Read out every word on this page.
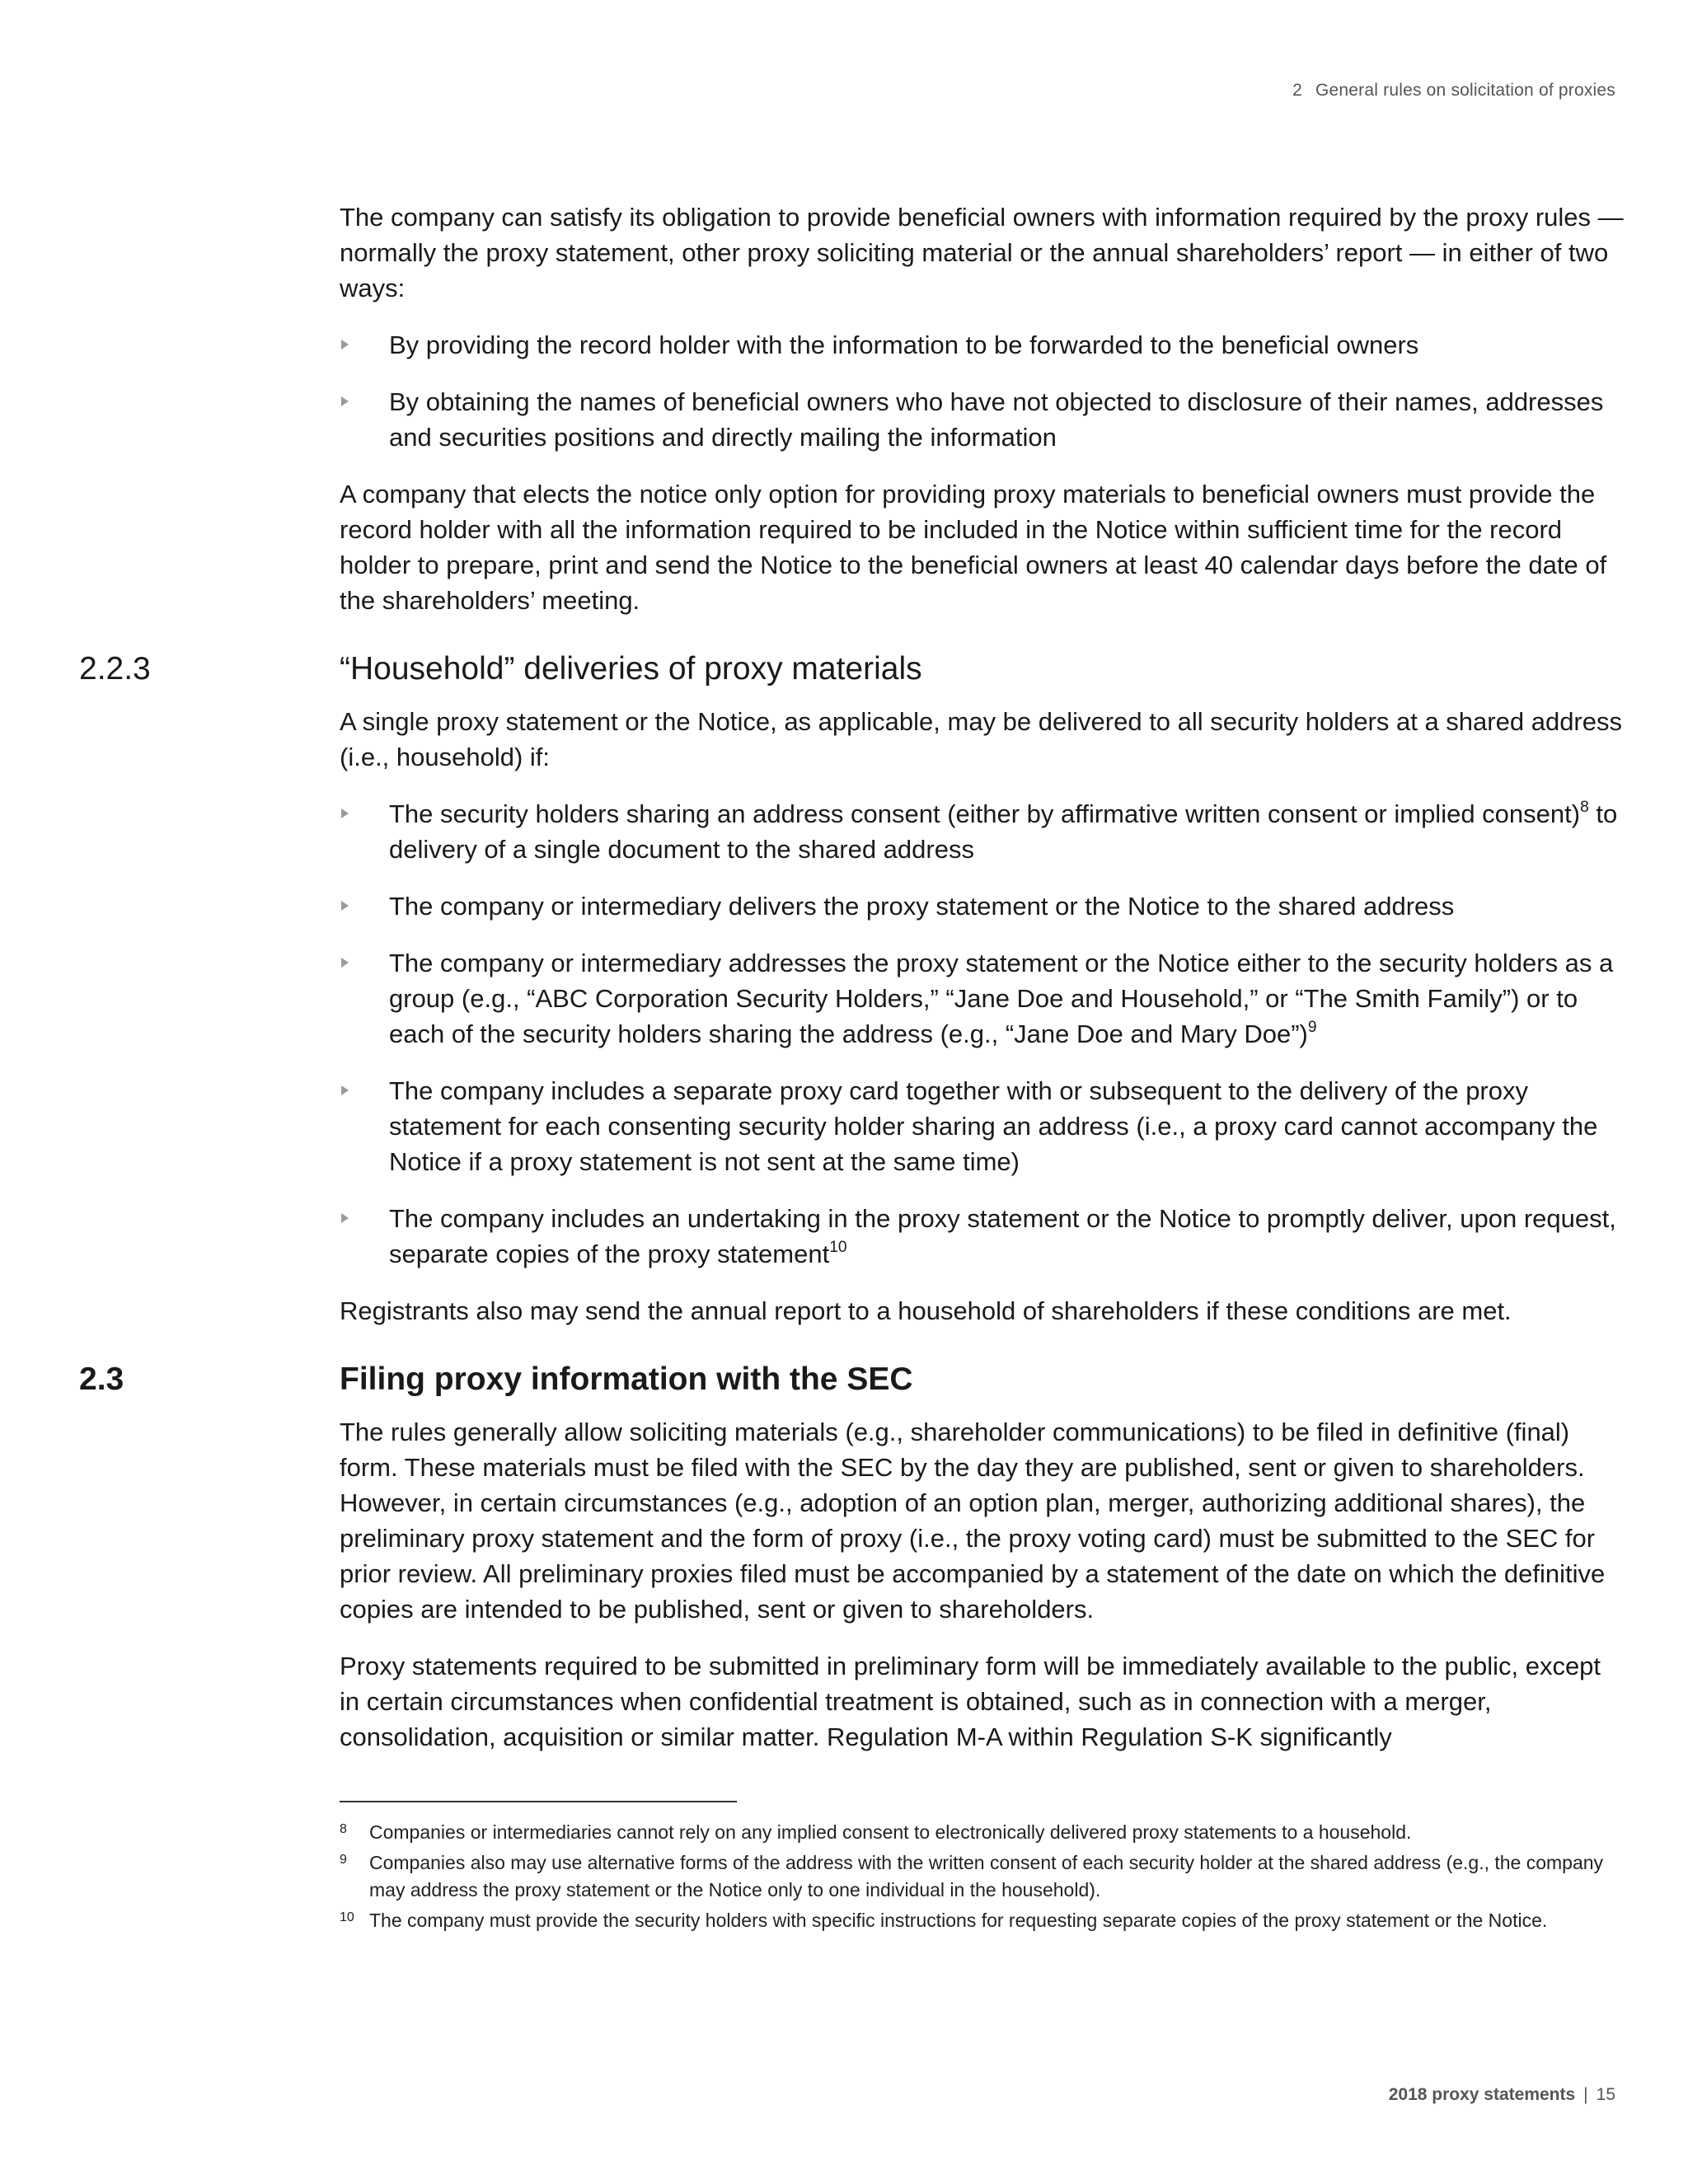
2 General rules on solicitation of proxies

The company can satisfy its obligation to provide beneficial owners with information required by the proxy rules — normally the proxy statement, other proxy soliciting material or the annual shareholders’ report — in either of two ways:

By providing the record holder with the information to be forwarded to the beneficial owners
By obtaining the names of beneficial owners who have not objected to disclosure of their names, addresses and securities positions and directly mailing the information

A company that elects the notice only option for providing proxy materials to beneficial owners must provide the record holder with all the information required to be included in the Notice within sufficient time for the record holder to prepare, print and send the Notice to the beneficial owners at least 40 calendar days before the date of the shareholders’ meeting.

2.2.3	“Household” deliveries of proxy materials

A single proxy statement or the Notice, as applicable, may be delivered to all security holders at a shared address (i.e., household) if:

The security holders sharing an address consent (either by affirmative written consent or implied consent)$^8$ to delivery of a single document to the shared address
The company or intermediary delivers the proxy statement or the Notice to the shared address
The company or intermediary addresses the proxy statement or the Notice either to the security holders as a group (e.g., “ABC Corporation Security Holders,” “Jane Doe and Household,” or “The Smith Family”) or to each of the security holders sharing the address (e.g., “Jane Doe and Mary Doe”)$^9$
The company includes a separate proxy card together with or subsequent to the delivery of the proxy statement for each consenting security holder sharing an address (i.e., a proxy card cannot accompany the Notice if a proxy statement is not sent at the same time)
The company includes an undertaking in the proxy statement or the Notice to promptly deliver, upon request, separate copies of the proxy statement$^{10}$

Registrants also may send the annual report to a household of shareholders if these conditions are met.

2.3	Filing proxy information with the SEC

The rules generally allow soliciting materials (e.g., shareholder communications) to be filed in definitive (final) form. These materials must be filed with the SEC by the day they are published, sent or given to shareholders. However, in certain circumstances (e.g., adoption of an option plan, merger, authorizing additional shares), the preliminary proxy statement and the form of proxy (i.e., the proxy voting card) must be submitted to the SEC for prior review. All preliminary proxies filed must be accompanied by a statement of the date on which the definitive copies are intended to be published, sent or given to shareholders.

Proxy statements required to be submitted in preliminary form will be immediately available to the public, except in certain circumstances when confidential treatment is obtained, such as in connection with a merger, consolidation, acquisition or similar matter. Regulation M-A within Regulation S-K significantly

8 Companies or intermediaries cannot rely on any implied consent to electronically delivered proxy statements to a household.
9 Companies also may use alternative forms of the address with the written consent of each security holder at the shared address (e.g., the company may address the proxy statement or the Notice only to one individual in the household).
10 The company must provide the security holders with specific instructions for requesting separate copies of the proxy statement or the Notice.
2018 proxy statements | 15
